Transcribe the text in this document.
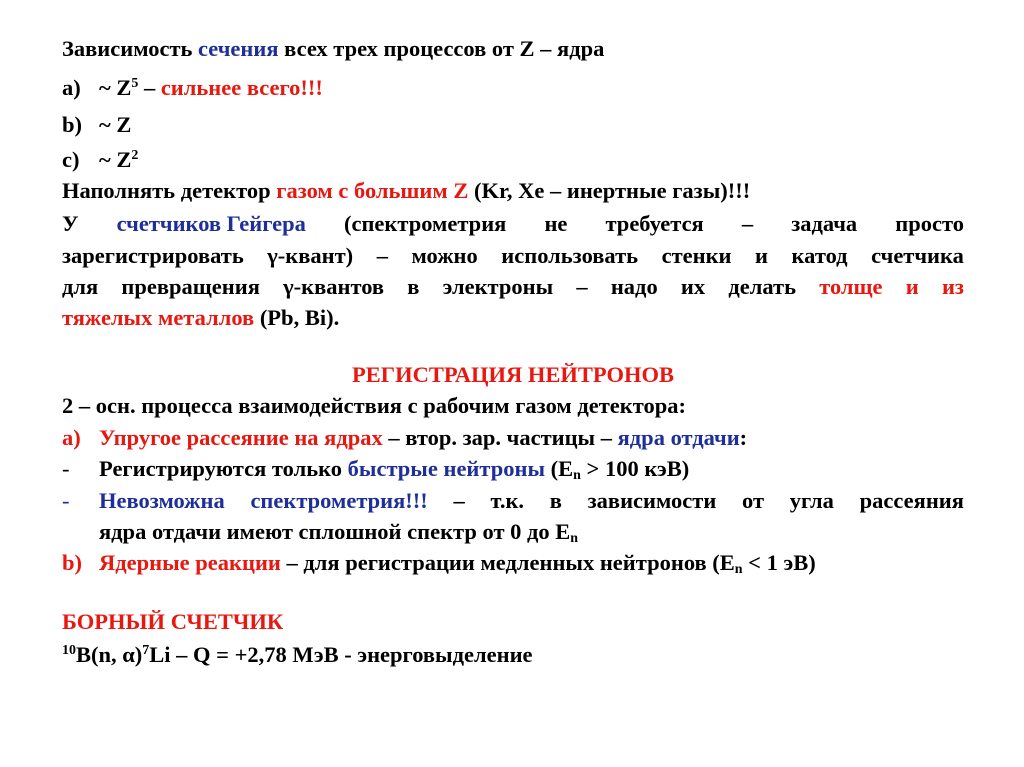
Зависимость сечения всех трех процессов от Z – ядра
a) ~ $Z^5$ – сильнее всего!!!
b) ~ Z
c) ~ $Z^2$
Наполнять детектор газом с большим Z (Kr, Xe – инертные газы)!!!
У счетчиков Гейгера (спектрометрия не требуется – задача просто
зарегистрировать γ-квант) – можно использовать стенки и катод счетчика
для превращения γ-квантов в электроны – надо их делать толще и из
тяжелых металлов (Pb, Bi).
РЕГИСТРАЦИЯ НЕЙТРОНОВ
2 – осн. процесса взаимодействия с рабочим газом детектора:
a) Упругое рассеяние на ядрах – втор. зар. частицы – ядра отдачи:
- Регистрируются только быстрые нейтроны ($E_n > 100$ кэВ)
-	Невозможна спектрометрия!!! – т.к. в зависимости от угла рассеяния
ядра отдачи имеют сплошной спектр от 0 до $E_n$
b) Ядерные реакции – для регистрации медленных нейтронов ($E_n < 1$ эВ)
БОРНЫЙ СЧЕТЧИК
$^{10}$B(n, α)$^7$Li – Q = +2,78 МэВ - энерговыделение
